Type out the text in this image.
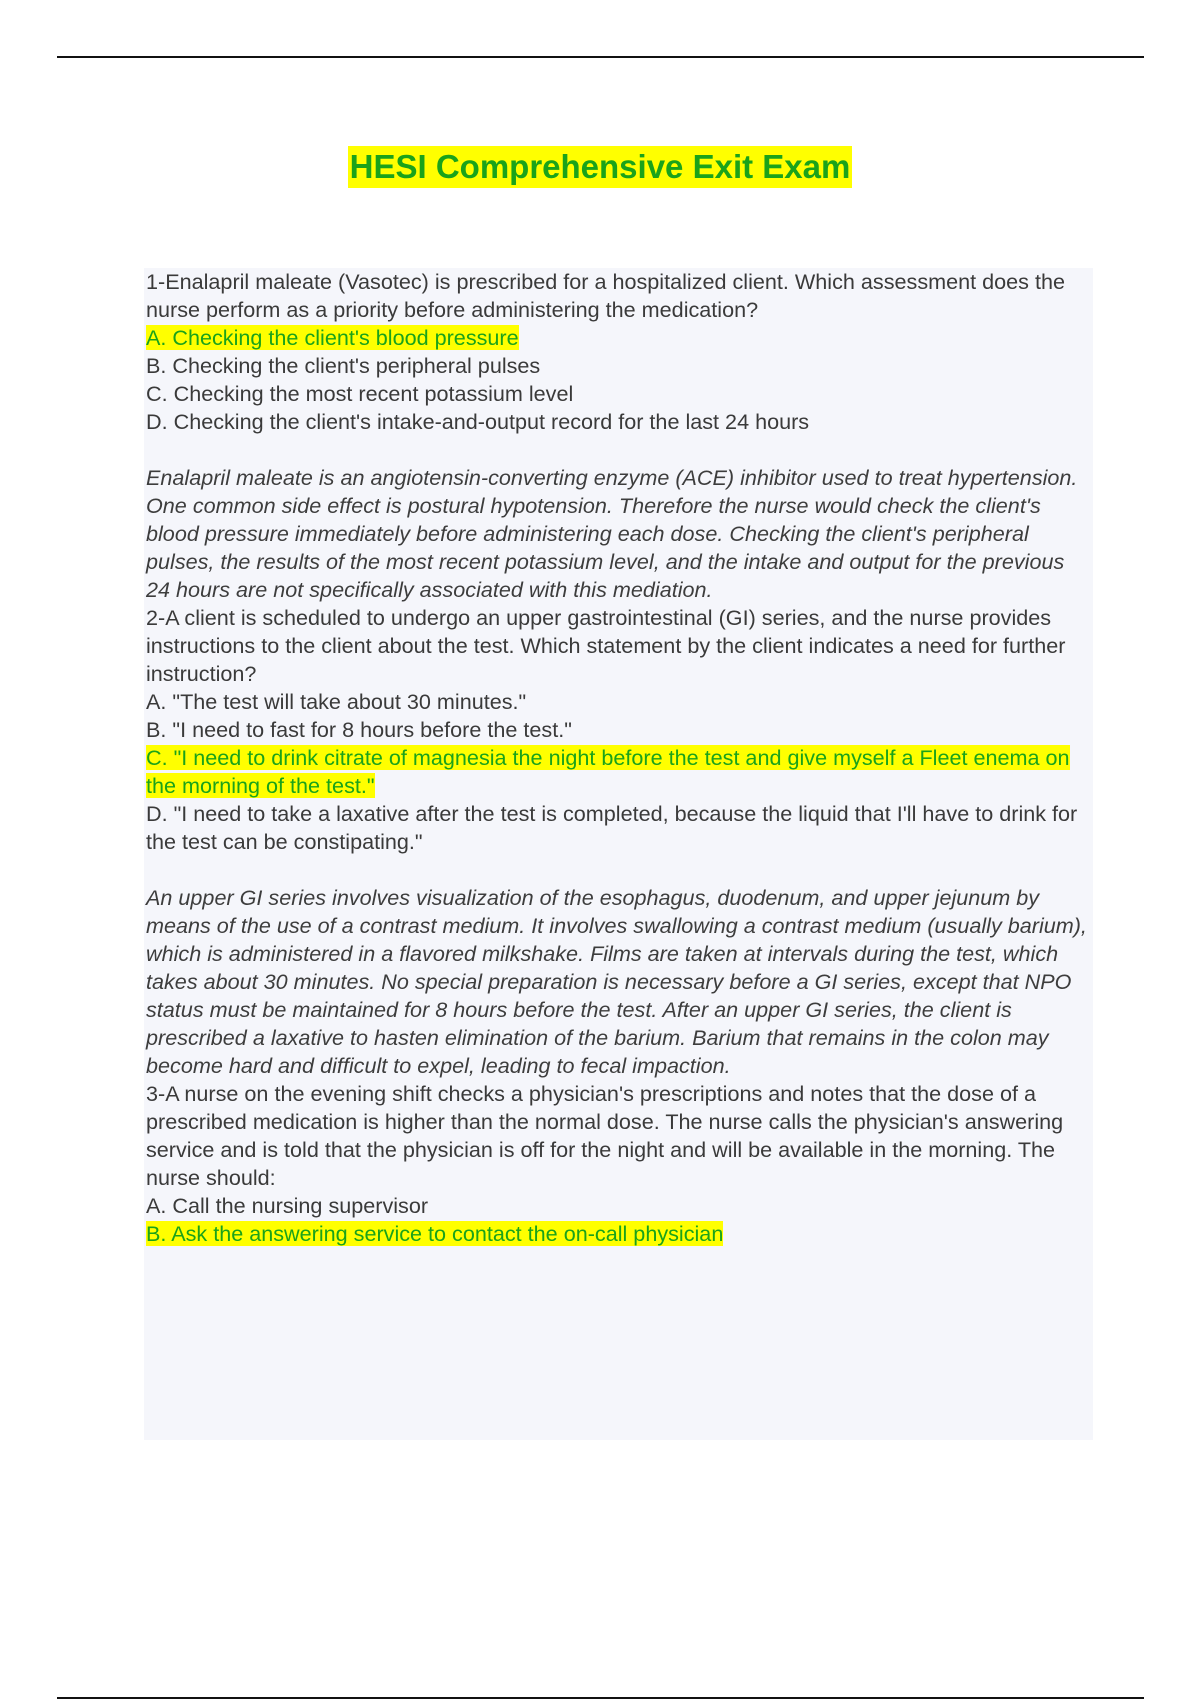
HESI Comprehensive Exit Exam

1-Enalapril maleate (Vasotec) is prescribed for a hospitalized client. Which assessment does the nurse perform as a priority before administering the medication?

A. Checking the client's blood pressure

B. Checking the client's peripheral pulses

C. Checking the most recent potassium level

D. Checking the client's intake-and-output record for the last 24 hours

Enalapril maleate is an angiotensin-converting enzyme (ACE) inhibitor used to treat hypertension. One common side effect is postural hypotension. Therefore the nurse would check the client's blood pressure immediately before administering each dose. Checking the client's peripheral pulses, the results of the most recent potassium level, and the intake and output for the previous 24 hours are not specifically associated with this mediation.

2-A client is scheduled to undergo an upper gastrointestinal (GI) series, and the nurse provides instructions to the client about the test. Which statement by the client indicates a need for further instruction?

A. "The test will take about 30 minutes."

B. "I need to fast for 8 hours before the test."

C. "I need to drink citrate of magnesia the night before the test and give myself a Fleet enema on the morning of the test."

D. "I need to take a laxative after the test is completed, because the liquid that I'll have to drink for the test can be constipating."

An upper GI series involves visualization of the esophagus, duodenum, and upper jejunum by means of the use of a contrast medium. It involves swallowing a contrast medium (usually barium), which is administered in a flavored milkshake. Films are taken at intervals during the test, which takes about 30 minutes. No special preparation is necessary before a GI series, except that NPO status must be maintained for 8 hours before the test. After an upper GI series, the client is prescribed a laxative to hasten elimination of the barium. Barium that remains in the colon may become hard and difficult to expel, leading to fecal impaction.

3-A nurse on the evening shift checks a physician's prescriptions and notes that the dose of a prescribed medication is higher than the normal dose. The nurse calls the physician's answering service and is told that the physician is off for the night and will be available in the morning. The nurse should:

A. Call the nursing supervisor

B. Ask the answering service to contact the on-call physician
